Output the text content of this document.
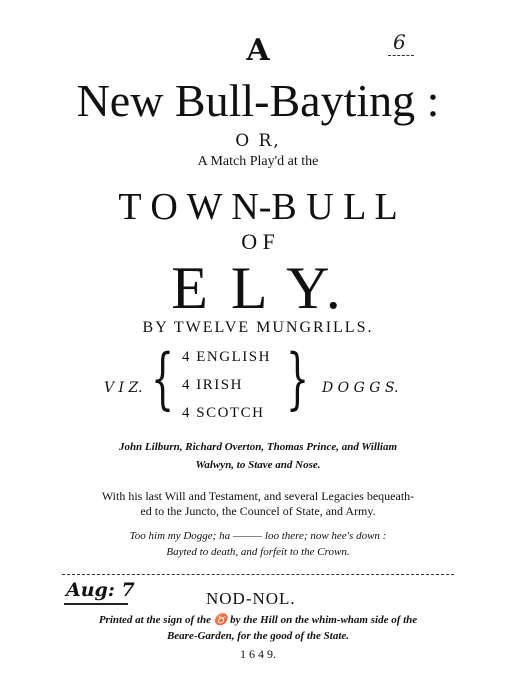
6
A
New Bull-Bayting :
O R,
A Match Play'd at the
T O W N-B U L L
O F
E L Y.
BY TWELVE MUNGRILLS.
V I Z. { 4 ENGLISH
4 IRISH
4 SCOTCH } D O G G S.
John Lilburn, Richard Overton, Thomas Prince, and William
Walwyn, to Stave and Nose.
With his last Will and Testament, and several Legacies bequeath-
ed to the Juncto, the Councel of State, and Army.
Too him my Dogge; ha ——— loo there; now hee's down :
Bayted to death, and forfeit to the Crown.
Aug: 7	NOD-NOL.
Printed at the sign of the ♉ by the Hill on the whim-wham side of the
Beare-Garden, for the good of the State.
1 6 4 9.
